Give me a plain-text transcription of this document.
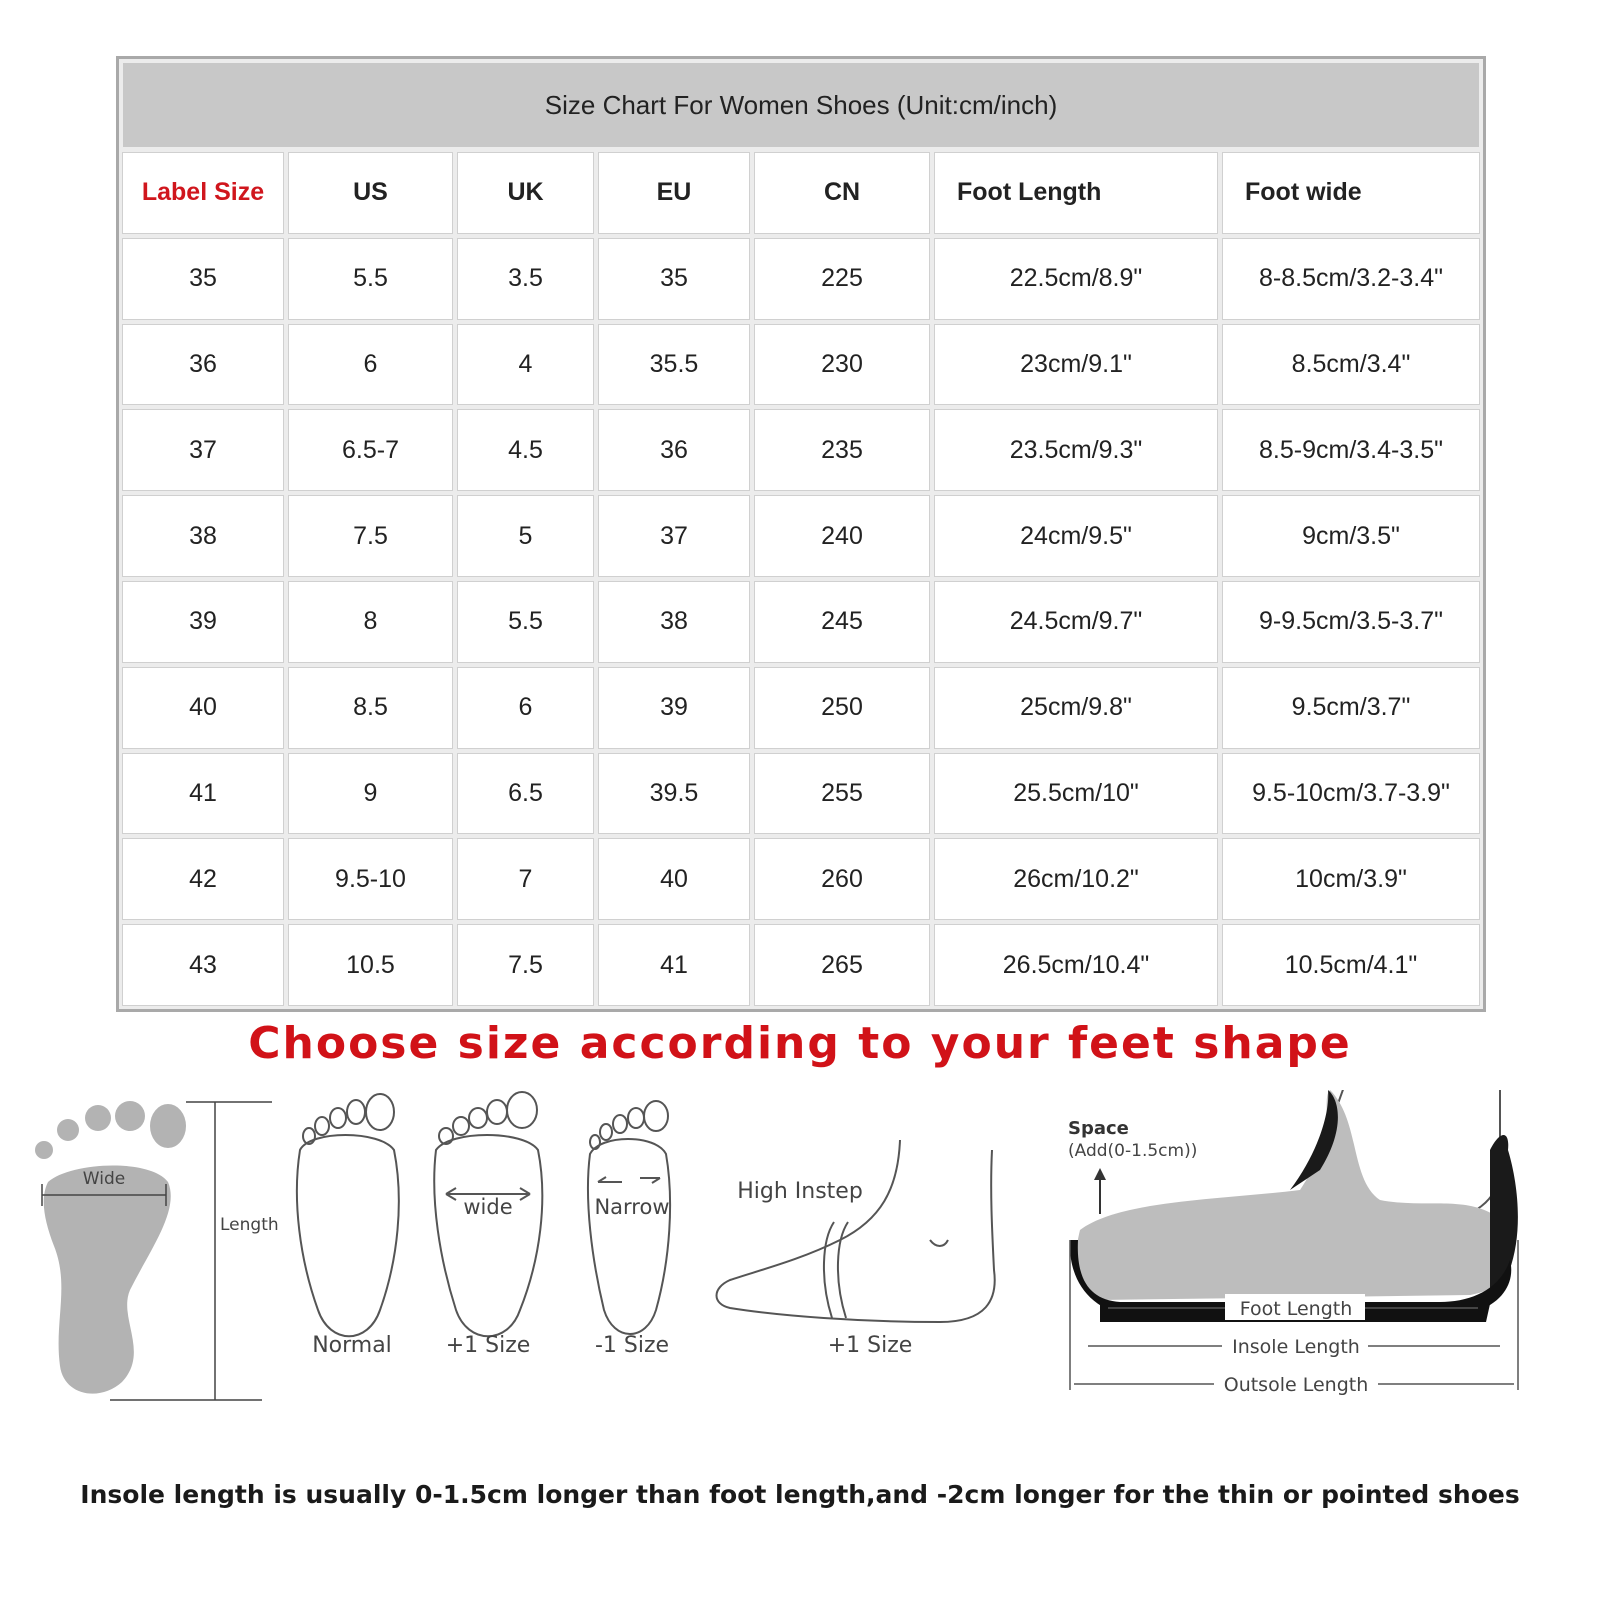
Size Chart For Women Shoes (Unit:cm/inch)
Label Size	US	UK	EU	CN	Foot Length	Foot wide
35	5.5	3.5	35	225	22.5cm/8.9"	8-8.5cm/3.2-3.4"
36	6	4	35.5	230	23cm/9.1"	8.5cm/3.4"
37	6.5-7	4.5	36	235	23.5cm/9.3"	8.5-9cm/3.4-3.5"
38	7.5	5	37	240	24cm/9.5"	9cm/3.5"
39	8	5.5	38	245	24.5cm/9.7"	9-9.5cm/3.5-3.7"
40	8.5	6	39	250	25cm/9.8"	9.5cm/3.7"
41	9	6.5	39.5	255	25.5cm/10"	9.5-10cm/3.7-3.9"
42	9.5-10	7	40	260	26cm/10.2"	10cm/3.9"
43	10.5	7.5	41	265	26.5cm/10.4"	10.5cm/4.1"
Choose size according to your feet shape
Wide
Length
Normal
wide
+1 Size
Narrow
-1 Size
High Instep
+1 Size
Space
(Add(0-1.5cm))
Foot Length
Insole Length
Outsole Length
Insole length is usually 0-1.5cm longer than foot length,and -2cm longer for the thin or pointed shoes
